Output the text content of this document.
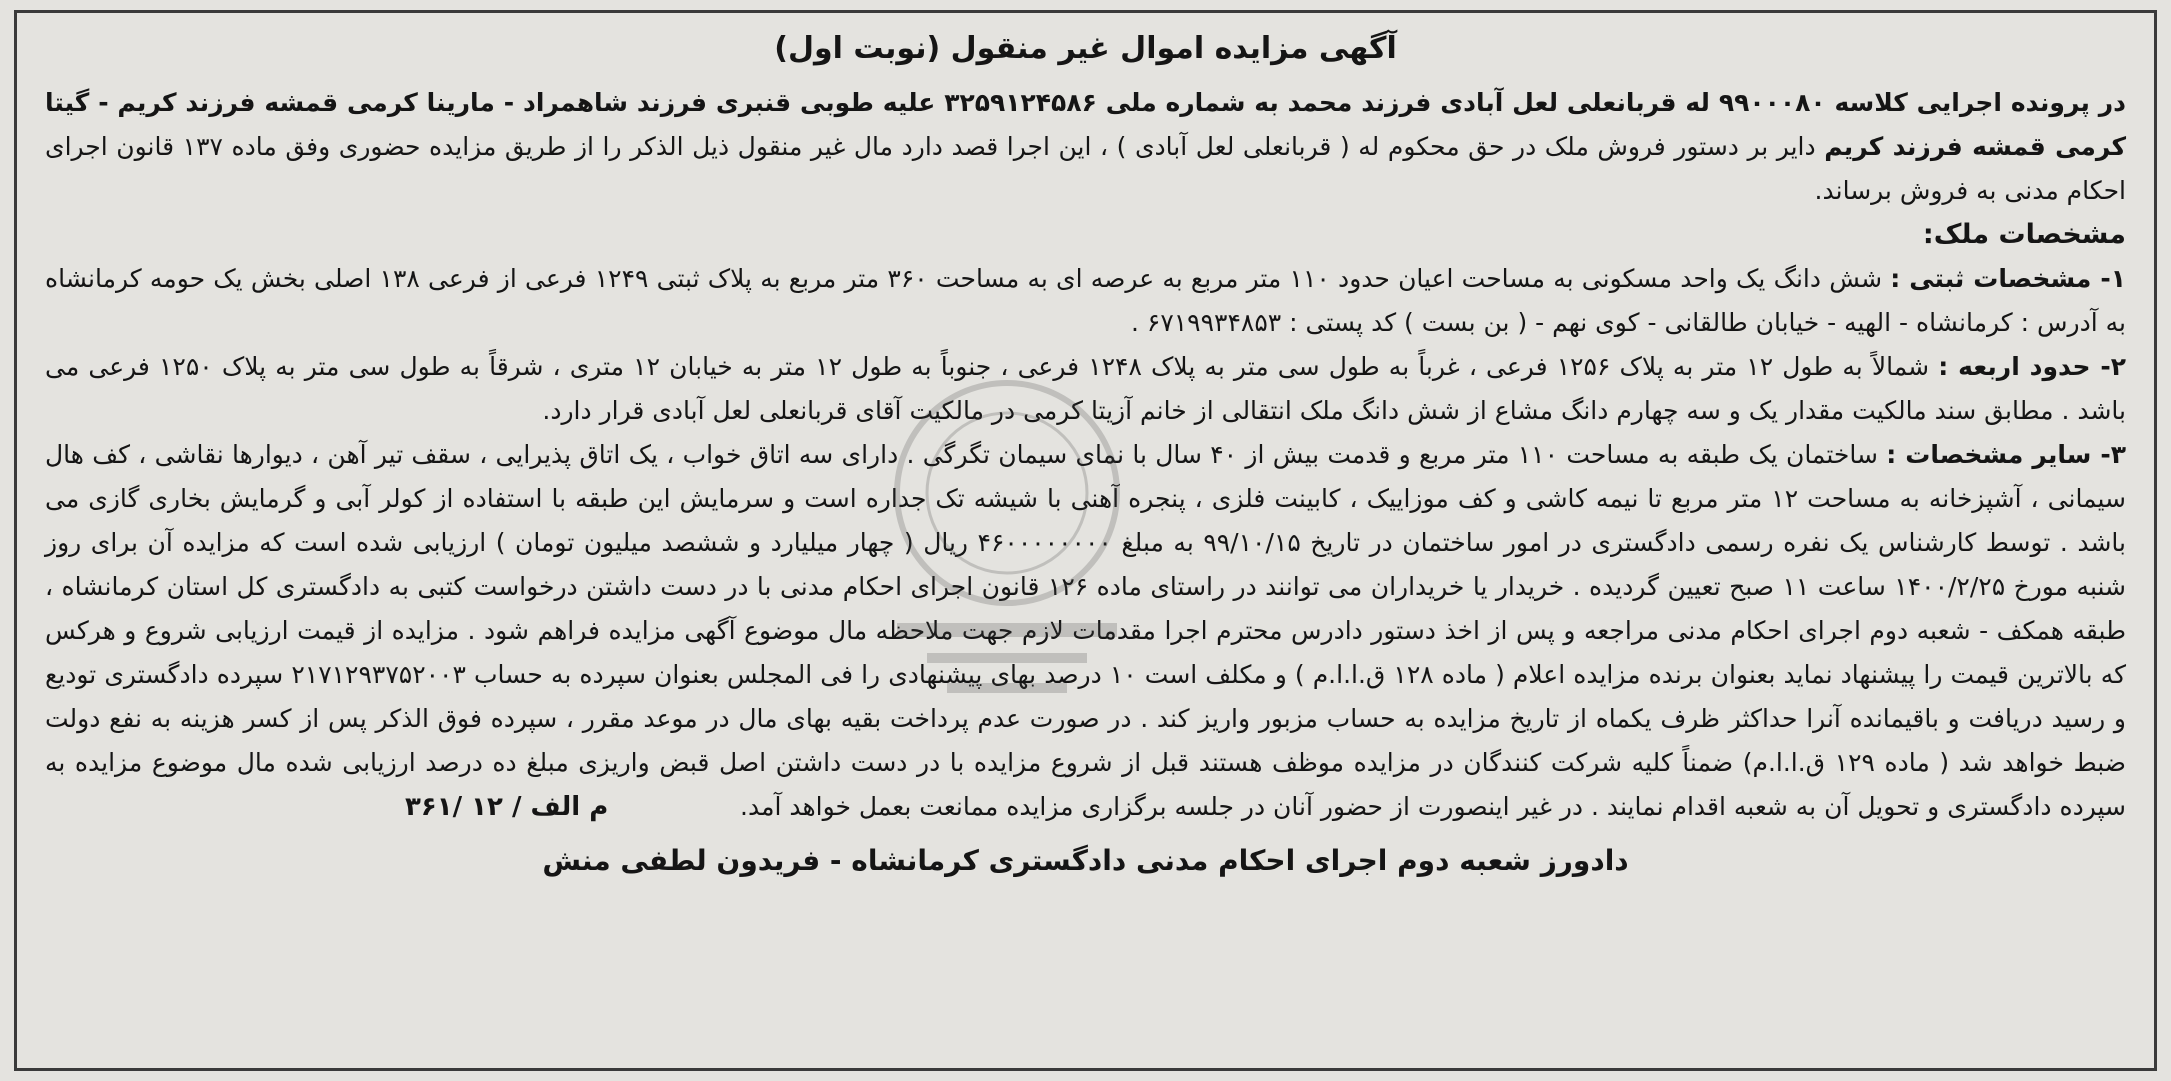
آگهی مزایده اموال غیر منقول (نوبت اول)

در پرونده اجرایی کلاسه ۹۹۰۰۰۸۰ له قربانعلی لعل آبادی فرزند محمد به شماره ملی ۳۲۵۹۱۲۴۵۸۶ علیه طوبی قنبری فرزند شاهمراد - مارینا کرمی قمشه فرزند کریم - گیتا کرمی قمشه فرزند کریم دایر بر دستور فروش ملک در حق محکوم له ( قربانعلی لعل آبادی ) ، این اجرا قصد دارد مال غیر منقول ذیل الذکر را از طریق مزایده حضوری وفق ماده ۱۳۷ قانون اجرای احکام مدنی به فروش برساند.

مشخصات ملک:

۱- مشخصات ثبتی : شش دانگ یک واحد مسکونی به مساحت اعیان حدود ۱۱۰ متر مربع به عرصه ای به مساحت ۳۶۰ متر مربع به پلاک ثبتی ۱۲۴۹ فرعی از فرعی ۱۳۸ اصلی بخش یک حومه کرمانشاه به آدرس : کرمانشاه - الهیه - خیابان طالقانی - کوی نهم - ( بن بست ) کد پستی : ۶۷۱۹۹۳۴۸۵۳ .

۲- حدود اربعه : شمالاً به طول ۱۲ متر به پلاک ۱۲۵۶ فرعی ، غرباً به طول سی متر به پلاک ۱۲۴۸ فرعی ، جنوباً به طول ۱۲ متر به خیابان ۱۲ متری ، شرقاً به طول سی متر به پلاک ۱۲۵۰ فرعی می باشد . مطابق سند مالکیت مقدار یک و سه چهارم دانگ مشاع از شش دانگ ملک انتقالی از خانم آزیتا کرمی در مالکیت آقای قربانعلی لعل آبادی قرار دارد.

۳- سایر مشخصات : ساختمان یک طبقه به مساحت ۱۱۰ متر مربع و قدمت بیش از ۴۰ سال با نمای سیمان تگرگی . دارای سه اتاق خواب ، یک اتاق پذیرایی ، سقف تیر آهن ، دیوارها نقاشی ، کف هال سیمانی ، آشپزخانه به مساحت ۱۲ متر مربع تا نیمه کاشی و کف موزاییک ، کابینت فلزی ، پنجره آهنی با شیشه تک جداره است و سرمایش این طبقه با استفاده از کولر آبی و گرمایش بخاری گازی می باشد . توسط کارشناس یک نفره رسمی دادگستری در امور ساختمان در تاریخ ۹۹/۱۰/۱۵ به مبلغ ۴۶۰۰۰۰۰۰۰۰ ریال ( چهار میلیارد و ششصد میلیون تومان ) ارزیابی شده است که مزایده آن برای روز شنبه مورخ ۱۴۰۰/۲/۲۵ ساعت ۱۱ صبح تعیین گردیده . خریدار یا خریداران می توانند در راستای ماده ۱۲۶ قانون اجرای احکام مدنی با در دست داشتن درخواست کتبی به دادگستری کل استان کرمانشاه ، طبقه همکف - شعبه دوم اجرای احکام مدنی مراجعه و پس از اخذ دستور دادرس محترم اجرا مقدمات لازم جهت ملاحظه مال موضوع آگهی مزایده فراهم شود . مزایده از قیمت ارزیابی شروع و هرکس که بالاترین قیمت را پیشنهاد نماید بعنوان برنده مزایده اعلام ( ماده ۱۲۸ ق.ا.ا.م ) و مکلف است ۱۰ درصد بهای پیشنهادی را فی المجلس بعنوان سپرده به حساب ۲۱۷۱۲۹۳۷۵۲۰۰۳ سپرده دادگستری تودیع و رسید دریافت و باقیمانده آنرا حداکثر ظرف یکماه از تاریخ مزایده به حساب مزبور واریز کند . در صورت عدم پرداخت بقیه بهای مال در موعد مقرر ، سپرده فوق الذکر پس از کسر هزینه به نفع دولت ضبط خواهد شد ( ماده ۱۲۹ ق.ا.ا.م) ضمناً کلیه شرکت کنندگان در مزایده موظف هستند قبل از شروع مزایده با در دست داشتن اصل قبض واریزی مبلغ ده درصد ارزیابی شده مال موضوع مزایده به سپرده دادگستری و تحویل آن به شعبه اقدام نمایند . در غیر اینصورت از حضور آنان در جلسه برگزاری مزایده ممانعت بعمل خواهد آمد.

۳۶۱/ م الف / ۱۲
دادورز شعبه دوم اجرای احکام مدنی دادگستری کرمانشاه - فریدون لطفی منش
